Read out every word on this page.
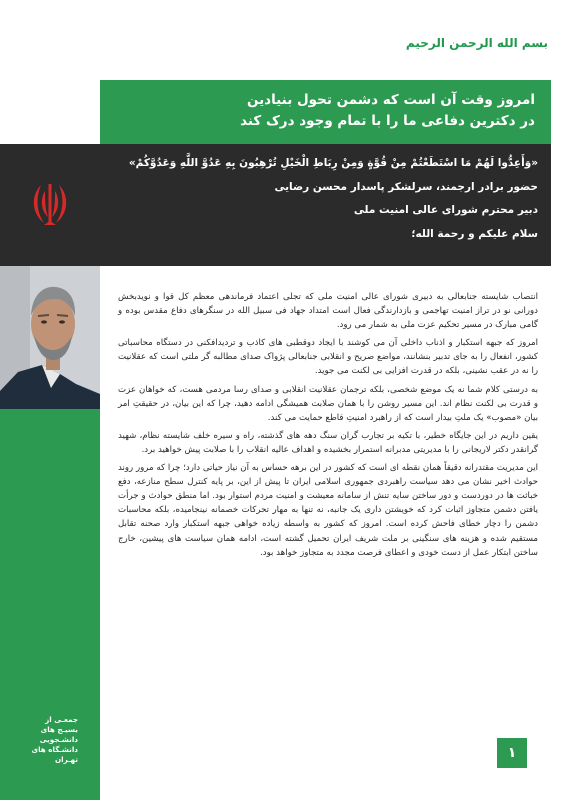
بسم الله الرحمن الرحیم
امروز وقت آن است که دشمن تحول بنیادین
در دکترین دفاعی ما را با تمام وجود درک کند
«وَأَعِدُّوا لَهُمْ مَا اسْتَطَعْتُمْ مِنْ قُوَّةٍ وَمِنْ رِبَاطِ الْخَيْلِ تُرْهِبُونَ بِهِ عَدُوَّ اللَّهِ وَعَدُوَّكُمْ»
حضور برادر ارجمند، سرلشکر پاسدار محسن رضایی
دبیر محترم شورای عالی امنیت ملی
سلام علیکم و رحمة الله؛

انتصاب شایسته جنابعالی به دبیری شورای عالی امنیت ملی که تجلی اعتماد فرماندهی معظم کل قوا و نویدبخش دورانی نو در تراز امنیت تهاجمی و بازدارندگی فعال است امتداد جهاد فی سبیل الله در سنگرهای دفاع مقدس بوده و گامی مبارک در مسیر تحکیم عزت ملی به شمار می رود.

امروز که جبهه استکبار و اذناب داخلی آن می کوشند با ایجاد دوقطبی های کاذب و تردیدافکنی در دستگاه محاسباتی کشور، انفعال را به جای تدبیر بنشانند، مواضع صریح و انقلابی جنابعالی پژواک صدای مطالبه گر ملتی است که عقلانیت را نه در عقب نشینی، بلکه در قدرت افزایی بی لکنت می جوید.

به درستی کلام شما نه یک موضع شخصی، بلکه ترجمان عقلانیت انقلابی و صدای رسا مردمی هست، که خواهان عزت و قدرت بی لکنت نظام اند. این مسیر روشن را با همان صلابت همیشگی ادامه دهید، چرا که این بیان، در حقیقتِ امر بیان «مصوب» یک ملتِ بیدار است که از راهبرد امنیتِ قاطع حمایت می کند.

یقین داریم در این جایگاه خطیر، با تکیه بر تجارب گران سنگ دهه های گذشته، راه و سیره خلف شایسته نظام، شهید گرانقدر دکتر لاریجانی را با مدیریتی مدبرانه استمرار بخشیده و اهداف عالیه انقلاب را با صلابت پیش خواهید برد.

این مدیریت مقتدرانه دقیقاً همان نقطه ای است که کشور در این برهه حساس به آن نیاز حیاتی دارد؛ چرا که مرور روند حوادث اخیر نشان می دهد سیاست راهبردی جمهوری اسلامی ایران تا پیش از این، بر پایه کنترل سطح منازعه، دفع خباثت ها در دوردست و دور ساختن سایه تنش از سامانه معیشت و امنیت مردم استوار بود. اما منطق حوادث و جرأت یافتن دشمن متجاوز اثبات کرد که خویشتن داری یک جانبه، نه تنها به مهار تحرکات خصمانه نینجامیده، بلکه محاسبات دشمن را دچار خطای فاحش کرده است. امروز که کشور به واسطه زیاده خواهی جبهه استکبار وارد صحنه تقابل مستقیم شده و هزینه های سنگینی بر ملت شریف ایران تحمیل گشته است، ادامه همان سیاست های پیشین، خارج ساختن ابتکار عمل از دست خودی و اعطای فرصت مجدد به متجاوز خواهد بود.

۱
جمعـی از
بسیـج های
دانشـجویی
دانشـگاه های
تهـران
